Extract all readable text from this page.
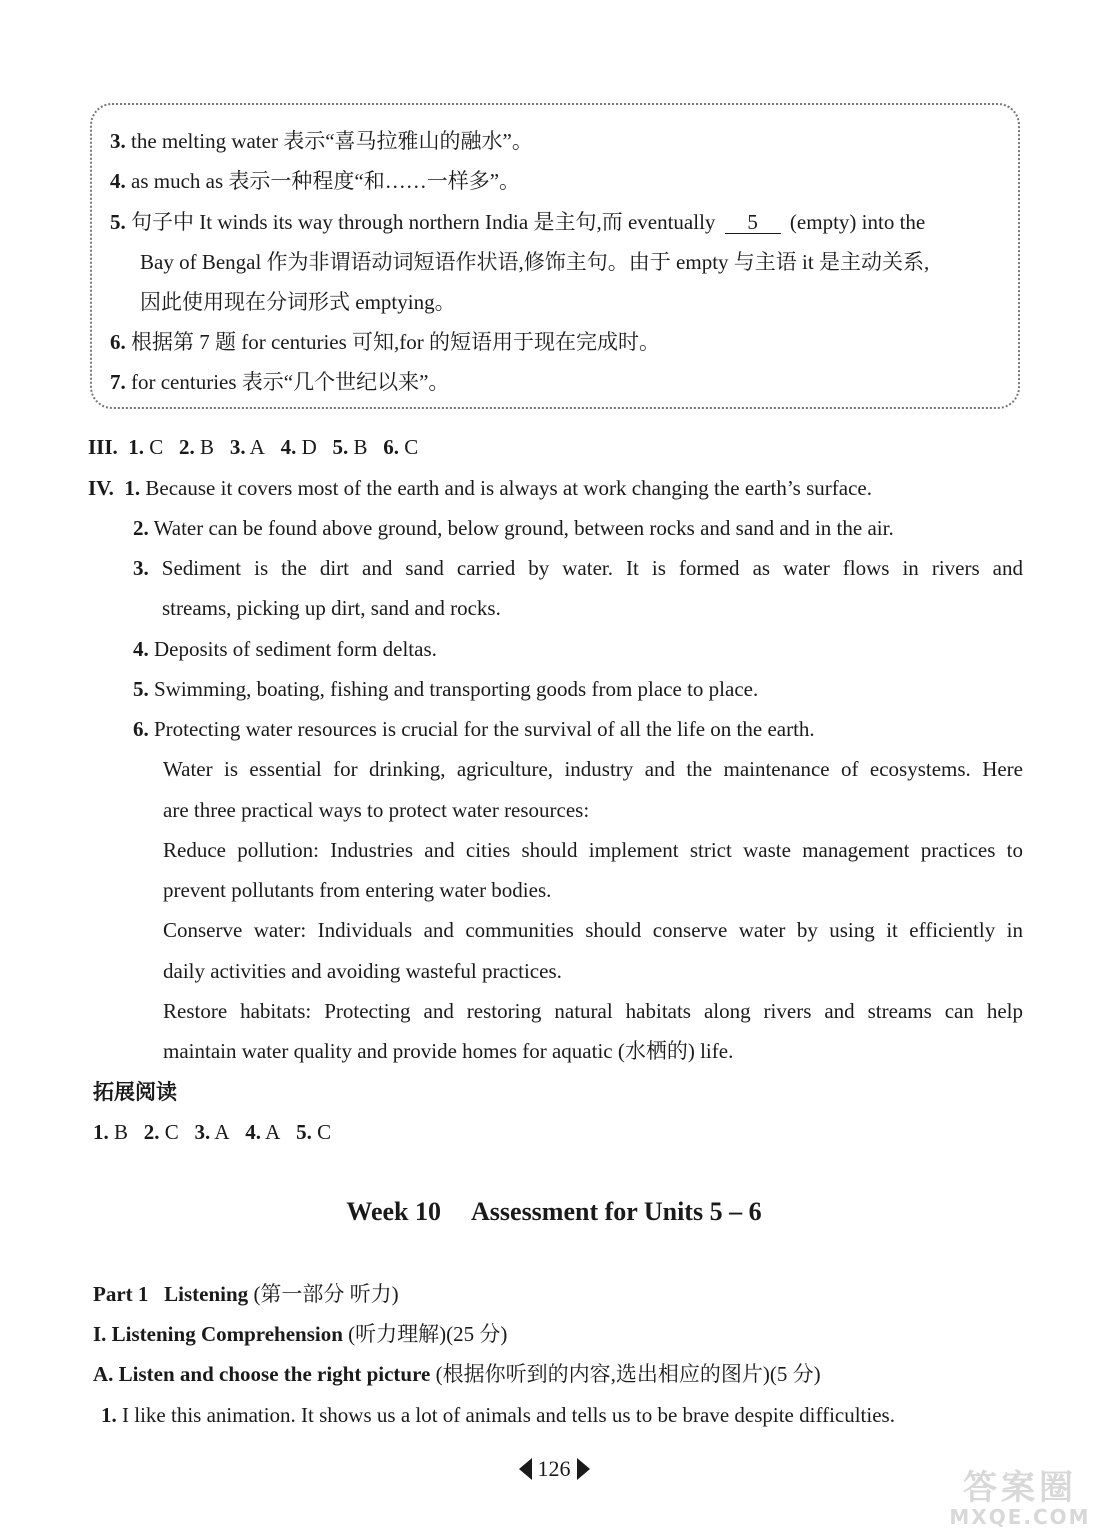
3. the melting water 表示“喜马拉雅山的融水”。
4. as much as 表示一种程度“和……一样多”。
5. 句子中 It winds its way through northern India 是主句,而 eventually 5 (empty) into the
Bay of Bengal 作为非谓语动词短语作状语,修饰主句。由于 empty 与主语 it 是主动关系,
因此使用现在分词形式 emptying。
6. 根据第 7 题 for centuries 可知,for 的短语用于现在完成时。
7. for centuries 表示“几个世纪以来”。
III. 1. C 2. B 3. A 4. D 5. B 6. C
IV. 1. Because it covers most of the earth and is always at work changing the earth’s surface.
2. Water can be found above ground, below ground, between rocks and sand and in the air.
3. Sediment is the dirt and sand carried by water. It is formed as water flows in rivers and
streams, picking up dirt, sand and rocks.
4. Deposits of sediment form deltas.
5. Swimming, boating, fishing and transporting goods from place to place.
6. Protecting water resources is crucial for the survival of all the life on the earth.
Water is essential for drinking, agriculture, industry and the maintenance of ecosystems. Here
are three practical ways to protect water resources:
Reduce pollution: Industries and cities should implement strict waste management practices to
prevent pollutants from entering water bodies.
Conserve water: Individuals and communities should conserve water by using it efficiently in
daily activities and avoiding wasteful practices.
Restore habitats: Protecting and restoring natural habitats along rivers and streams can help
maintain water quality and provide homes for aquatic (水栖的) life.
拓展阅读
1. B 2. C 3. A 4. A 5. C
Week 10 Assessment for Units 5 – 6
Part 1 Listening (第一部分 听力)
I. Listening Comprehension (听力理解)(25 分)
A. Listen and choose the right picture (根据你听到的内容,选出相应的图片)(5 分)
1. I like this animation. It shows us a lot of animals and tells us to be brave despite difficulties.
126	答案圈
MXQE.COM
